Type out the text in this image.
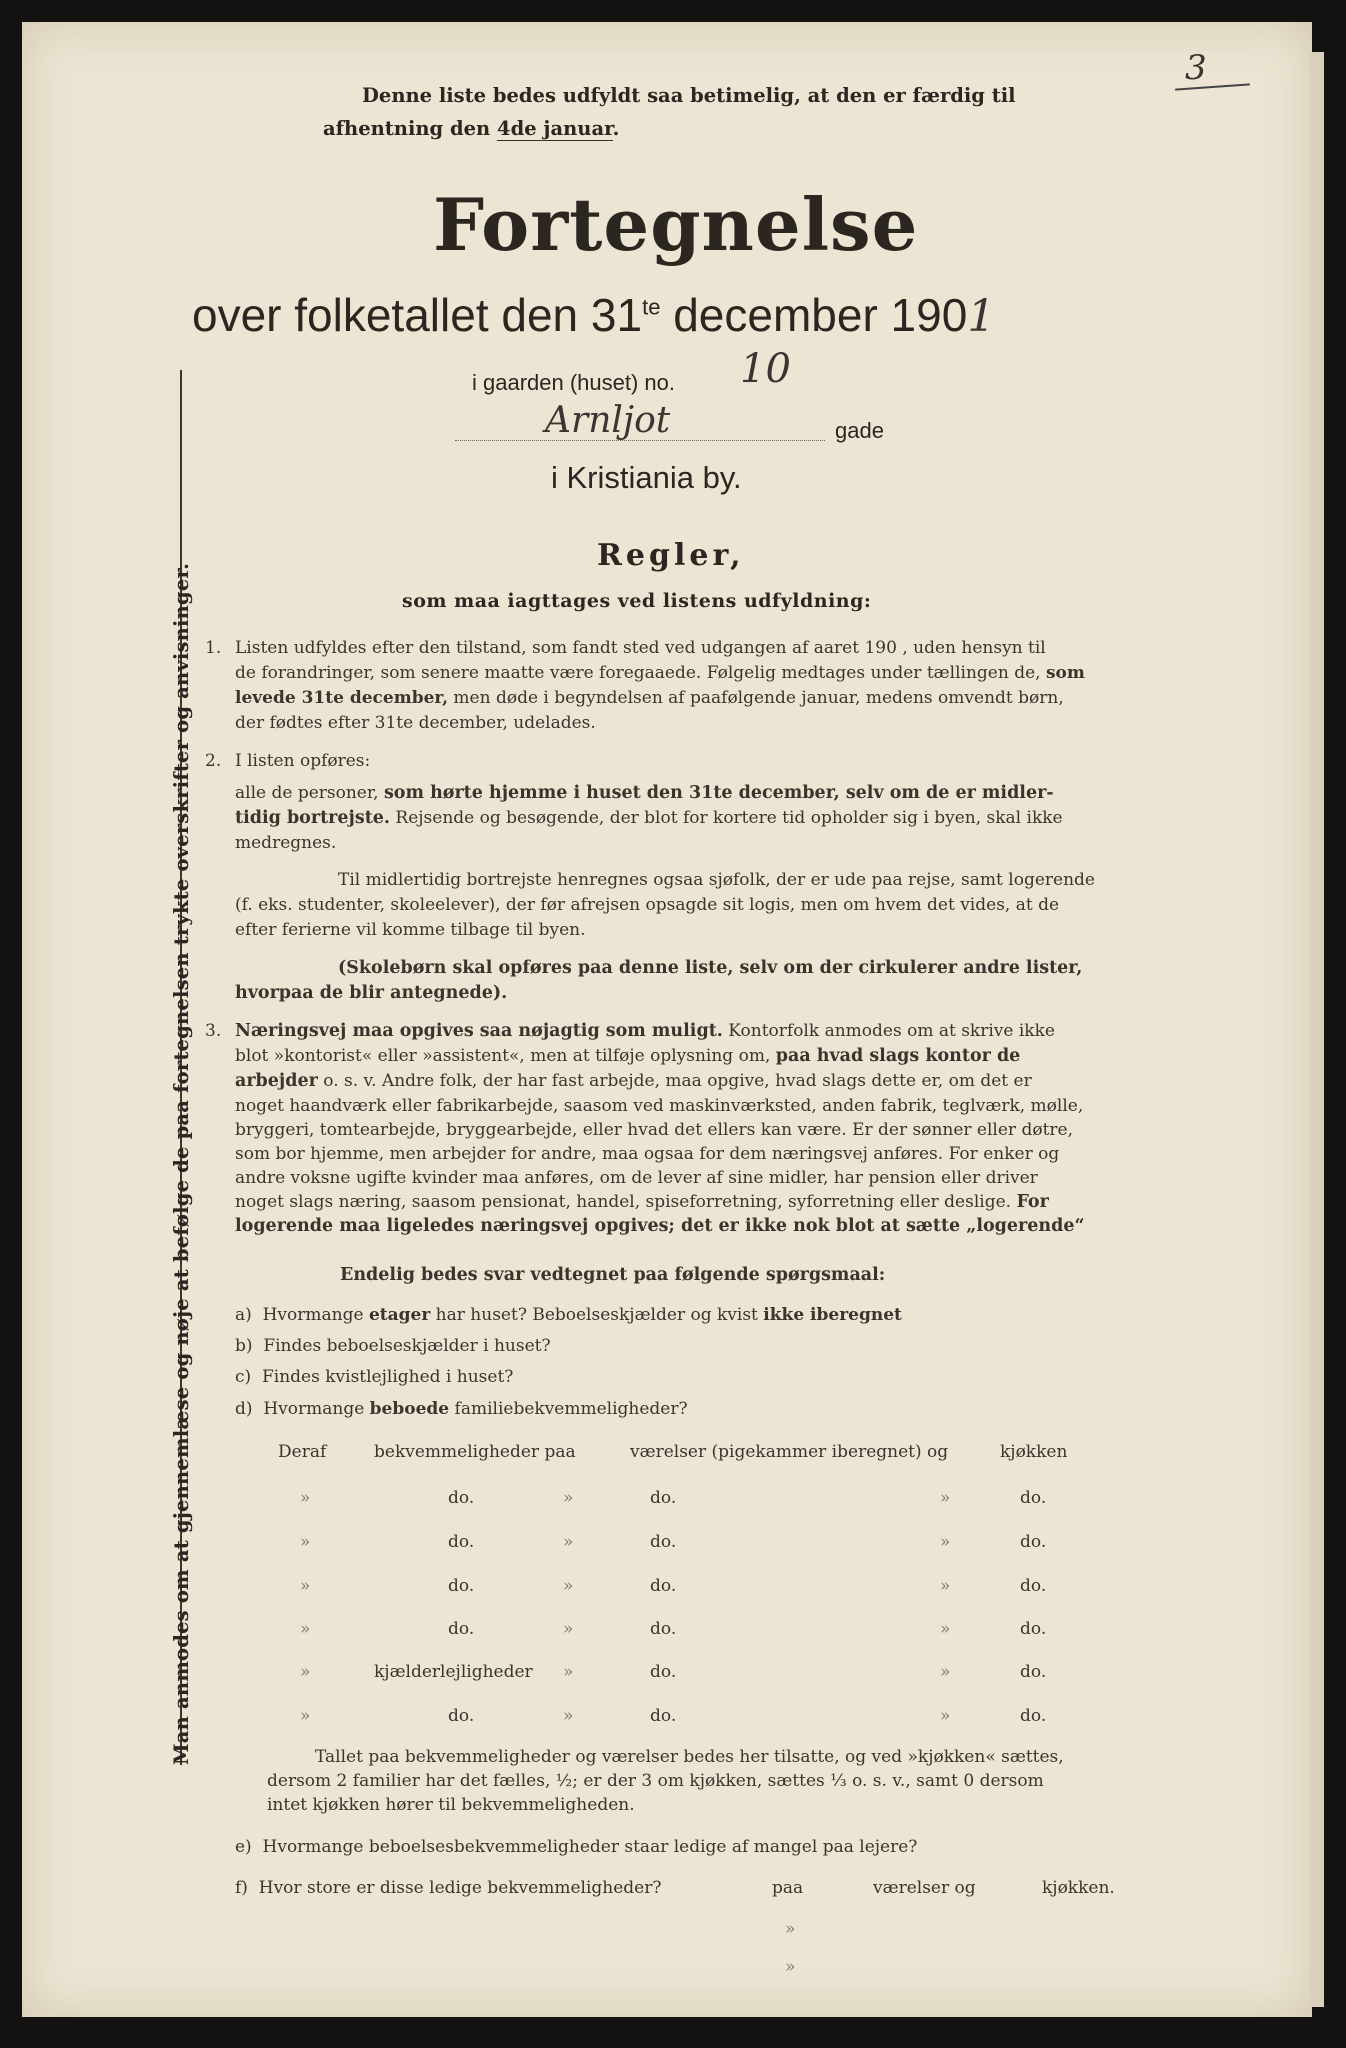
3
Denne liste bedes udfyldt saa betimelig, at den er færdig til
afhentning den 4de januar.
Fortegnelse
over folketallet den $31^{te}$ december 1901
i gaarden (huset) no. 10
Arnljot	gade
i Kristiania by.
Man anmodes om at gjennemlæse og nøje at befølge de paa fortegnelsen trykte overskrifter og anvisninger.
Regler,
som maa iagttages ved listens udfyldning:
1. Listen udfyldes efter den tilstand, som fandt sted ved udgangen af aaret 190 , uden hensyn til
de forandringer, som senere maatte være foregaaede. Følgelig medtages under tællingen de, som
levede 31te december, men døde i begyndelsen af paafølgende januar, medens omvendt børn,
der fødtes efter 31te december, udelades.
2. I listen opføres:
alle de personer, som hørte hjemme i huset den 31te december, selv om de er midler-
tidig bortrejste. Rejsende og besøgende, der blot for kortere tid opholder sig i byen, skal ikke
medregnes.
Til midlertidig bortrejste henregnes ogsaa sjøfolk, der er ude paa rejse, samt logerende
(f. eks. studenter, skoleelever), der før afrejsen opsagde sit logis, men om hvem det vides, at de
efter ferierne vil komme tilbage til byen.
(Skolebørn skal opføres paa denne liste, selv om der cirkulerer andre lister,
hvorpaa de blir antegnede).
3. Næringsvej maa opgives saa nøjagtig som muligt. Kontorfolk anmodes om at skrive ikke
blot »kontorist« eller »assistent«, men at tilføje oplysning om, paa hvad slags kontor de
arbejder o. s. v. Andre folk, der har fast arbejde, maa opgive, hvad slags dette er, om det er
noget haandværk eller fabrikarbejde, saasom ved maskinværksted, anden fabrik, teglværk, mølle,
bryggeri, tomtearbejde, bryggearbejde, eller hvad det ellers kan være. Er der sønner eller døtre,
som bor hjemme, men arbejder for andre, maa ogsaa for dem næringsvej anføres. For enker og
andre voksne ugifte kvinder maa anføres, om de lever af sine midler, har pension eller driver
noget slags næring, saasom pensionat, handel, spiseforretning, syforretning eller deslige. For
logerende maa ligeledes næringsvej opgives; det er ikke nok blot at sætte „logerende“
Endelig bedes svar vedtegnet paa følgende spørgsmaal:
a) Hvormange etager har huset? Beboelseskjælder og kvist ikke iberegnet
b) Findes beboelseskjælder i huset?
c) Findes kvistlejlighed i huset?
d) Hvormange beboede familiebekvemmeligheder?
Deraf	bekvemmeligheder paa	værelser (pigekammer iberegnet) og	kjøkken
»	do.	»	do.	»	do.
»	do.	»	do.	»	do.
»	do.	»	do.	»	do.
»	do.	»	do.	»	do.
»	kjælderlejligheder »	do.	»	do.
»	do.	»	do.	»	do.
Tallet paa bekvemmeligheder og værelser bedes her tilsatte, og ved »kjøkken« sættes,
dersom 2 familier har det fælles, ½; er der 3 om kjøkken, sættes ⅓ o. s. v., samt 0 dersom
intet kjøkken hører til bekvemmeligheden.
e) Hvormange beboelsesbekvemmeligheder staar ledige af mangel paa lejere?
f) Hvor store er disse ledige bekvemmeligheder?	paa	værelser og	kjøkken.
»
»
